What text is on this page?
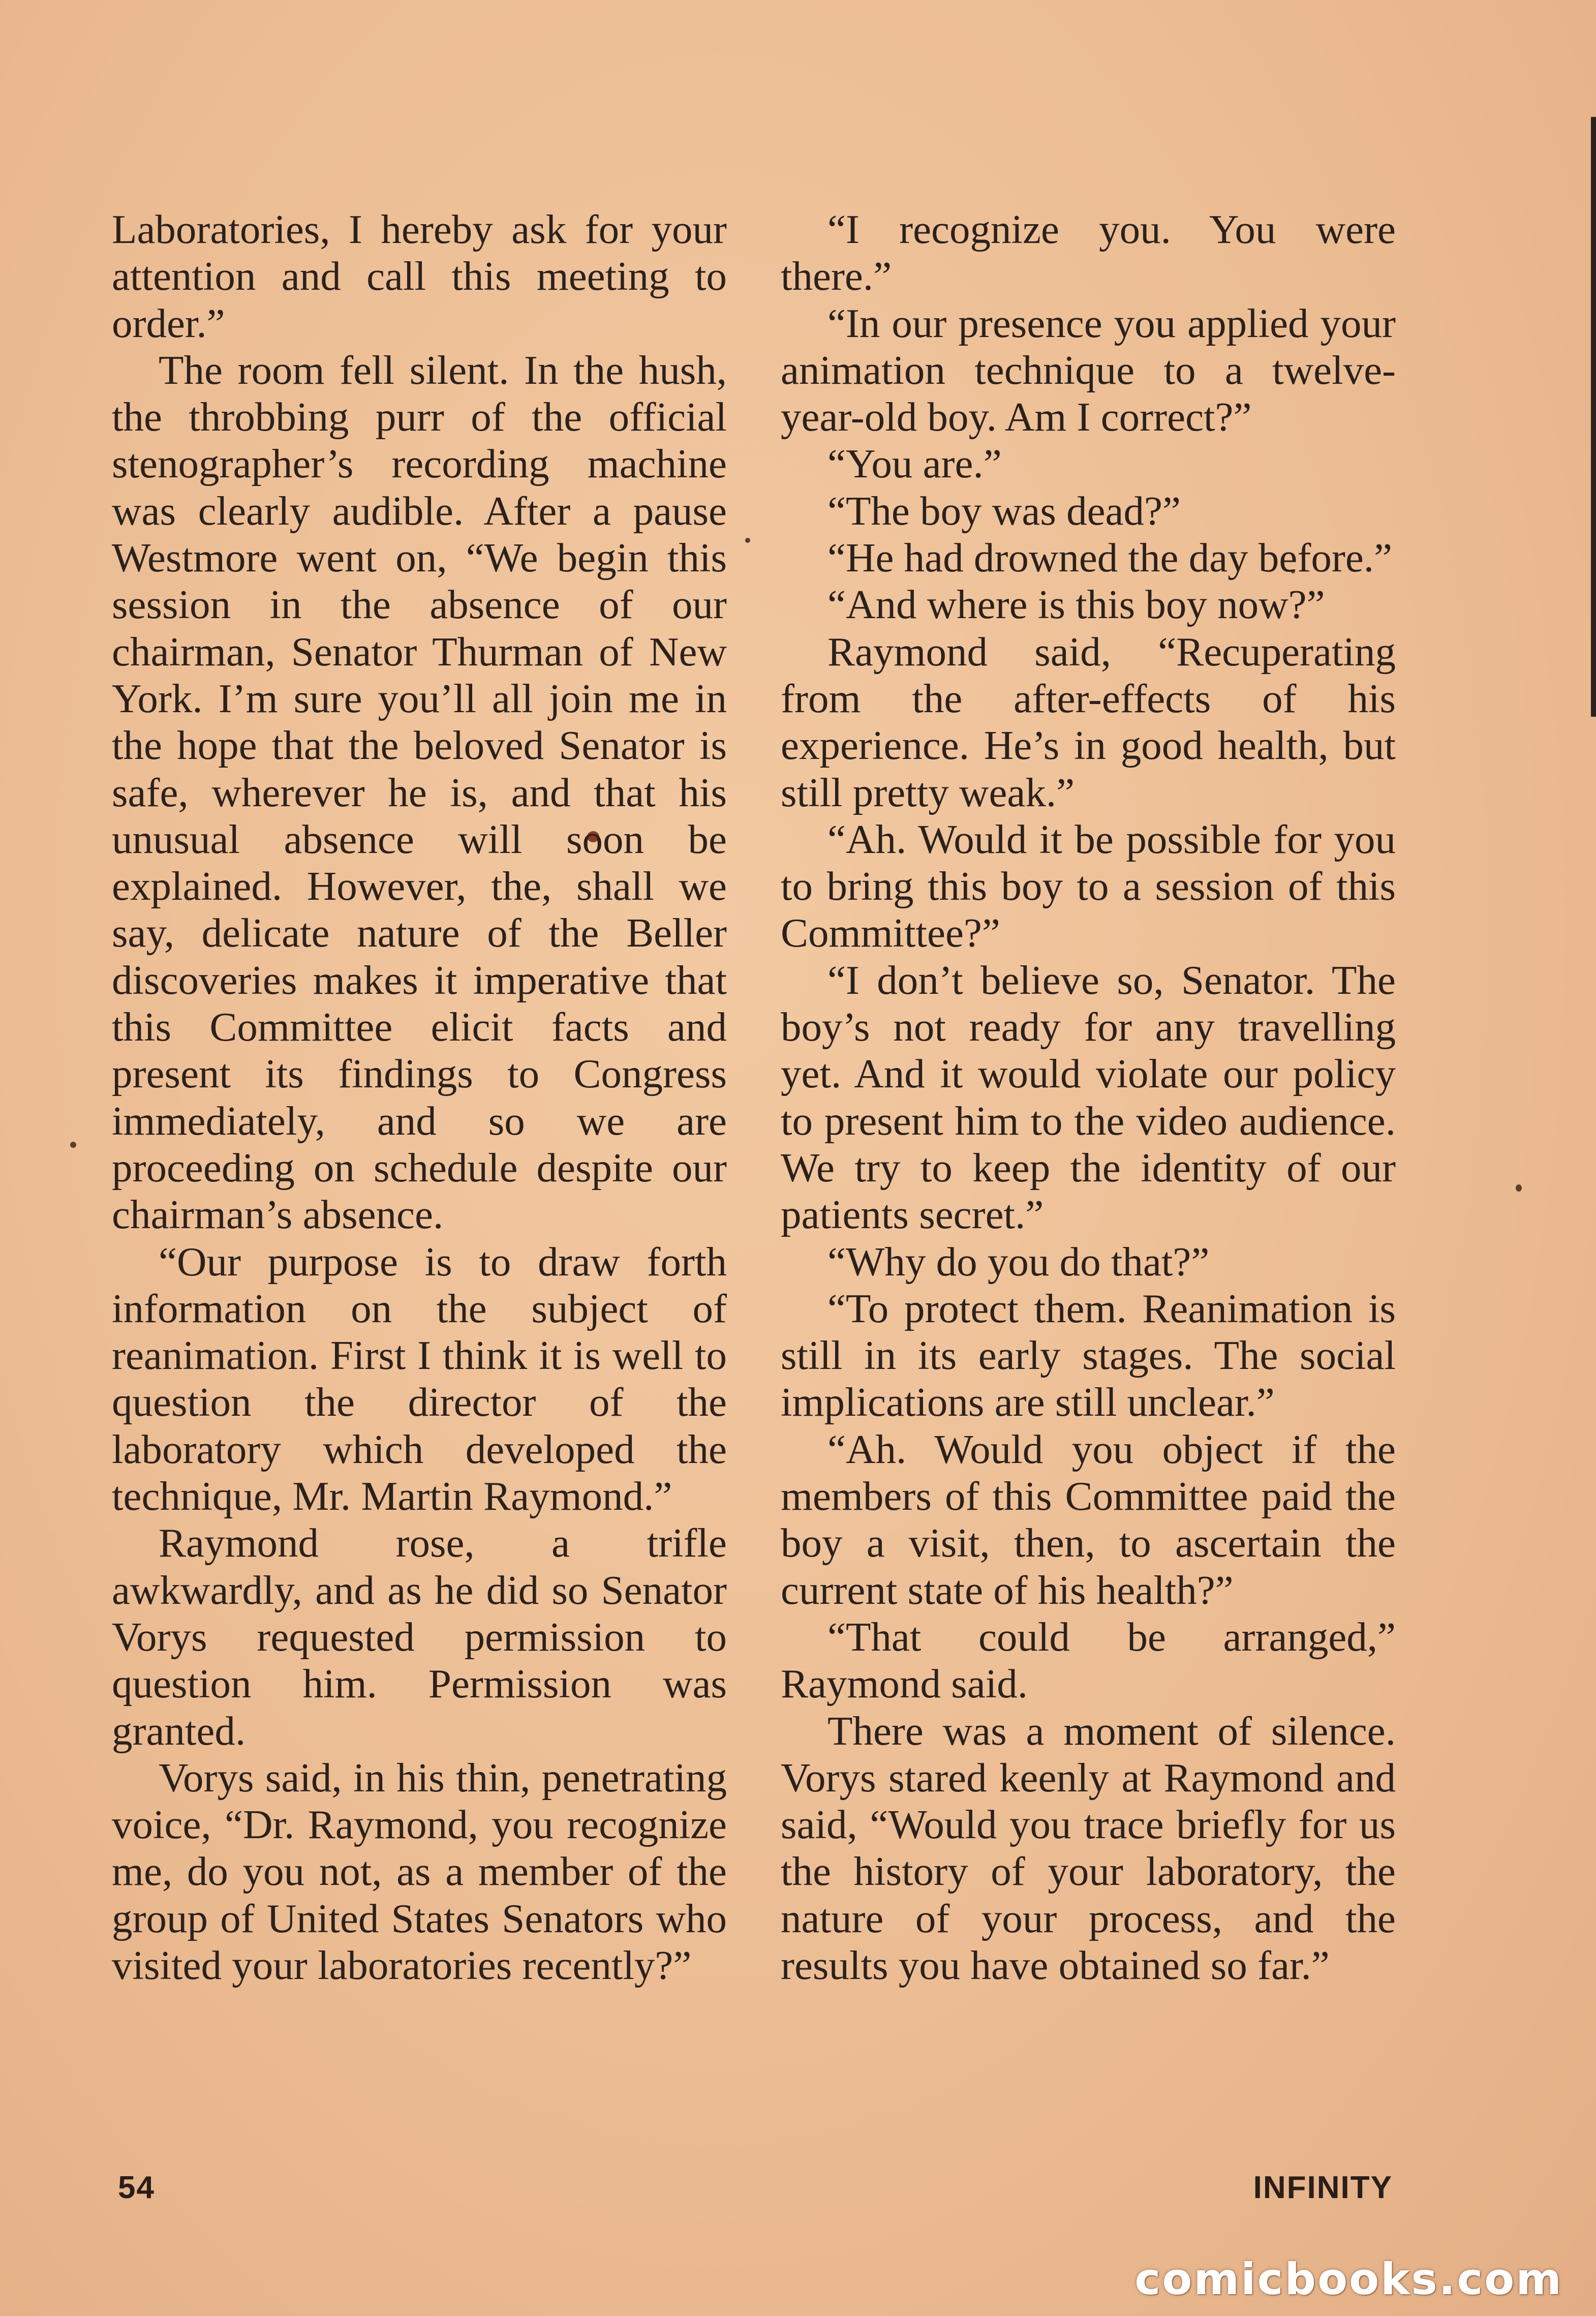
Laboratories, I hereby ask for your attention and call this meeting to order.”

The room fell silent. In the hush, the throbbing purr of the official stenographer’s recording machine was clearly audible. After a pause Westmore went on, “We begin this session in the absence of our chairman, Senator Thurman of New York. I’m sure you’ll all join me in the hope that the beloved Senator is safe, wherever he is, and that his unusual absence will soon be explained. However, the, shall we say, delicate nature of the Beller discoveries makes it imperative that this Committee elicit facts and present its findings to Congress immediately, and so we are proceeding on schedule despite our chairman’s absence.

“Our purpose is to draw forth information on the subject of reanimation. First I think it is well to question the director of the laboratory which developed the technique, Mr. Martin Raymond.”

Raymond rose, a trifle awkwardly, and as he did so Senator Vorys requested permission to question him. Permission was granted.

Vorys said, in his thin, penetrating voice, “Dr. Raymond, you recognize me, do you not, as a member of the group of United States Senators who visited your laboratories recently?”

“I recognize you. You were there.”

“In our presence you applied your animation technique to a twelve-year-old boy. Am I correct?”

“You are.”

“The boy was dead?”

“He had drowned the day before.”

“And where is this boy now?”

Raymond said, “Recuperating from the after-effects of his experience. He’s in good health, but still pretty weak.”

“Ah. Would it be possible for you to bring this boy to a session of this Committee?”

“I don’t believe so, Senator. The boy’s not ready for any travelling yet. And it would violate our policy to present him to the video audience. We try to keep the identity of our patients secret.”

“Why do you do that?”

“To protect them. Reanimation is still in its early stages. The social implications are still unclear.”

“Ah. Would you object if the members of this Committee paid the boy a visit, then, to ascertain the current state of his health?”

“That could be arranged,” Raymond said.

There was a moment of silence. Vorys stared keenly at Raymond and said, “Would you trace briefly for us the history of your laboratory, the nature of your process, and the results you have obtained so far.”

54	INFINITY
comicbooks.com
